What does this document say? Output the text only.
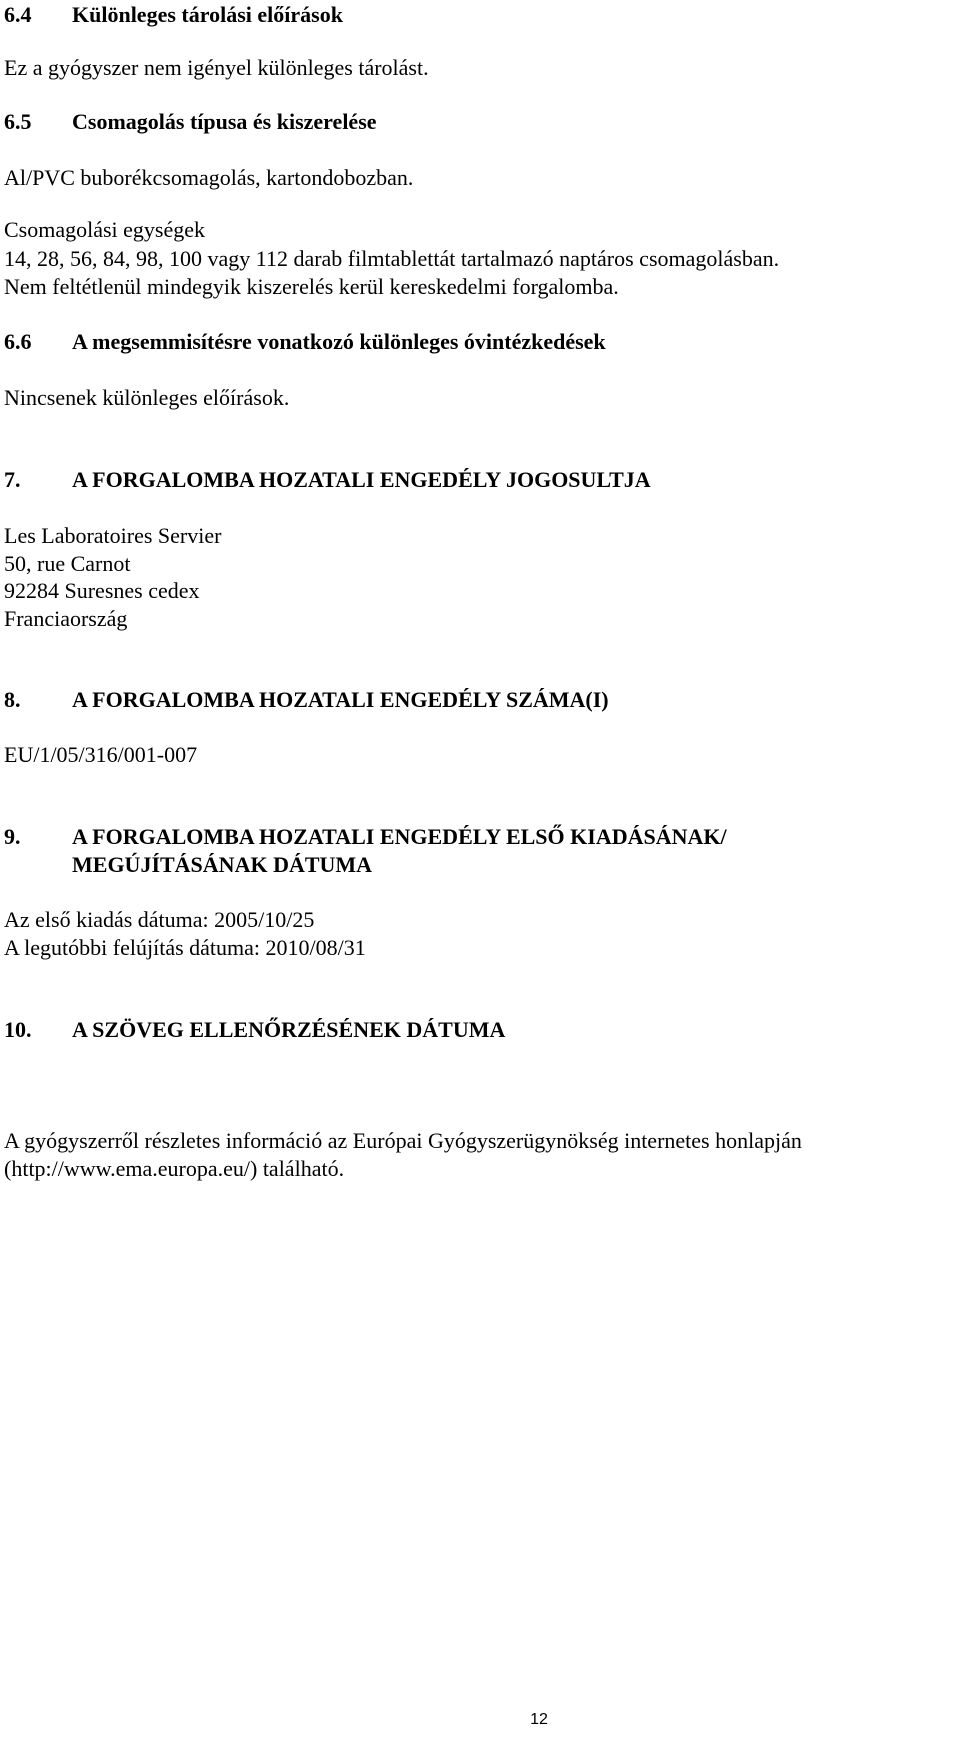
6.4 Különleges tárolási előírások
Ez a gyógyszer nem igényel különleges tárolást.
6.5 Csomagolás típusa és kiszerelése
Al/PVC buborékcsomagolás, kartondobozban.
Csomagolási egységek
14, 28, 56, 84, 98, 100 vagy 112 darab filmtablettát tartalmazó naptáros csomagolásban.
Nem feltétlenül mindegyik kiszerelés kerül kereskedelmi forgalomba.
6.6 A megsemmisítésre vonatkozó különleges óvintézkedések
Nincsenek különleges előírások.
7. A FORGALOMBA HOZATALI ENGEDÉLY JOGOSULTJA
Les Laboratoires Servier
50, rue Carnot
92284 Suresnes cedex
Franciaország
8. A FORGALOMBA HOZATALI ENGEDÉLY SZÁMA(I)
EU/1/05/316/001-007
9. A FORGALOMBA HOZATALI ENGEDÉLY ELSŐ KIADÁSÁNAK/
MEGÚJÍTÁSÁNAK DÁTUMA
Az első kiadás dátuma: 2005/10/25
A legutóbbi felújítás dátuma: 2010/08/31
10. A SZÖVEG ELLENŐRZÉSÉNEK DÁTUMA
A gyógyszerről részletes információ az Európai Gyógyszerügynökség internetes honlapján
(http://www.ema.europa.eu/) található.
12
